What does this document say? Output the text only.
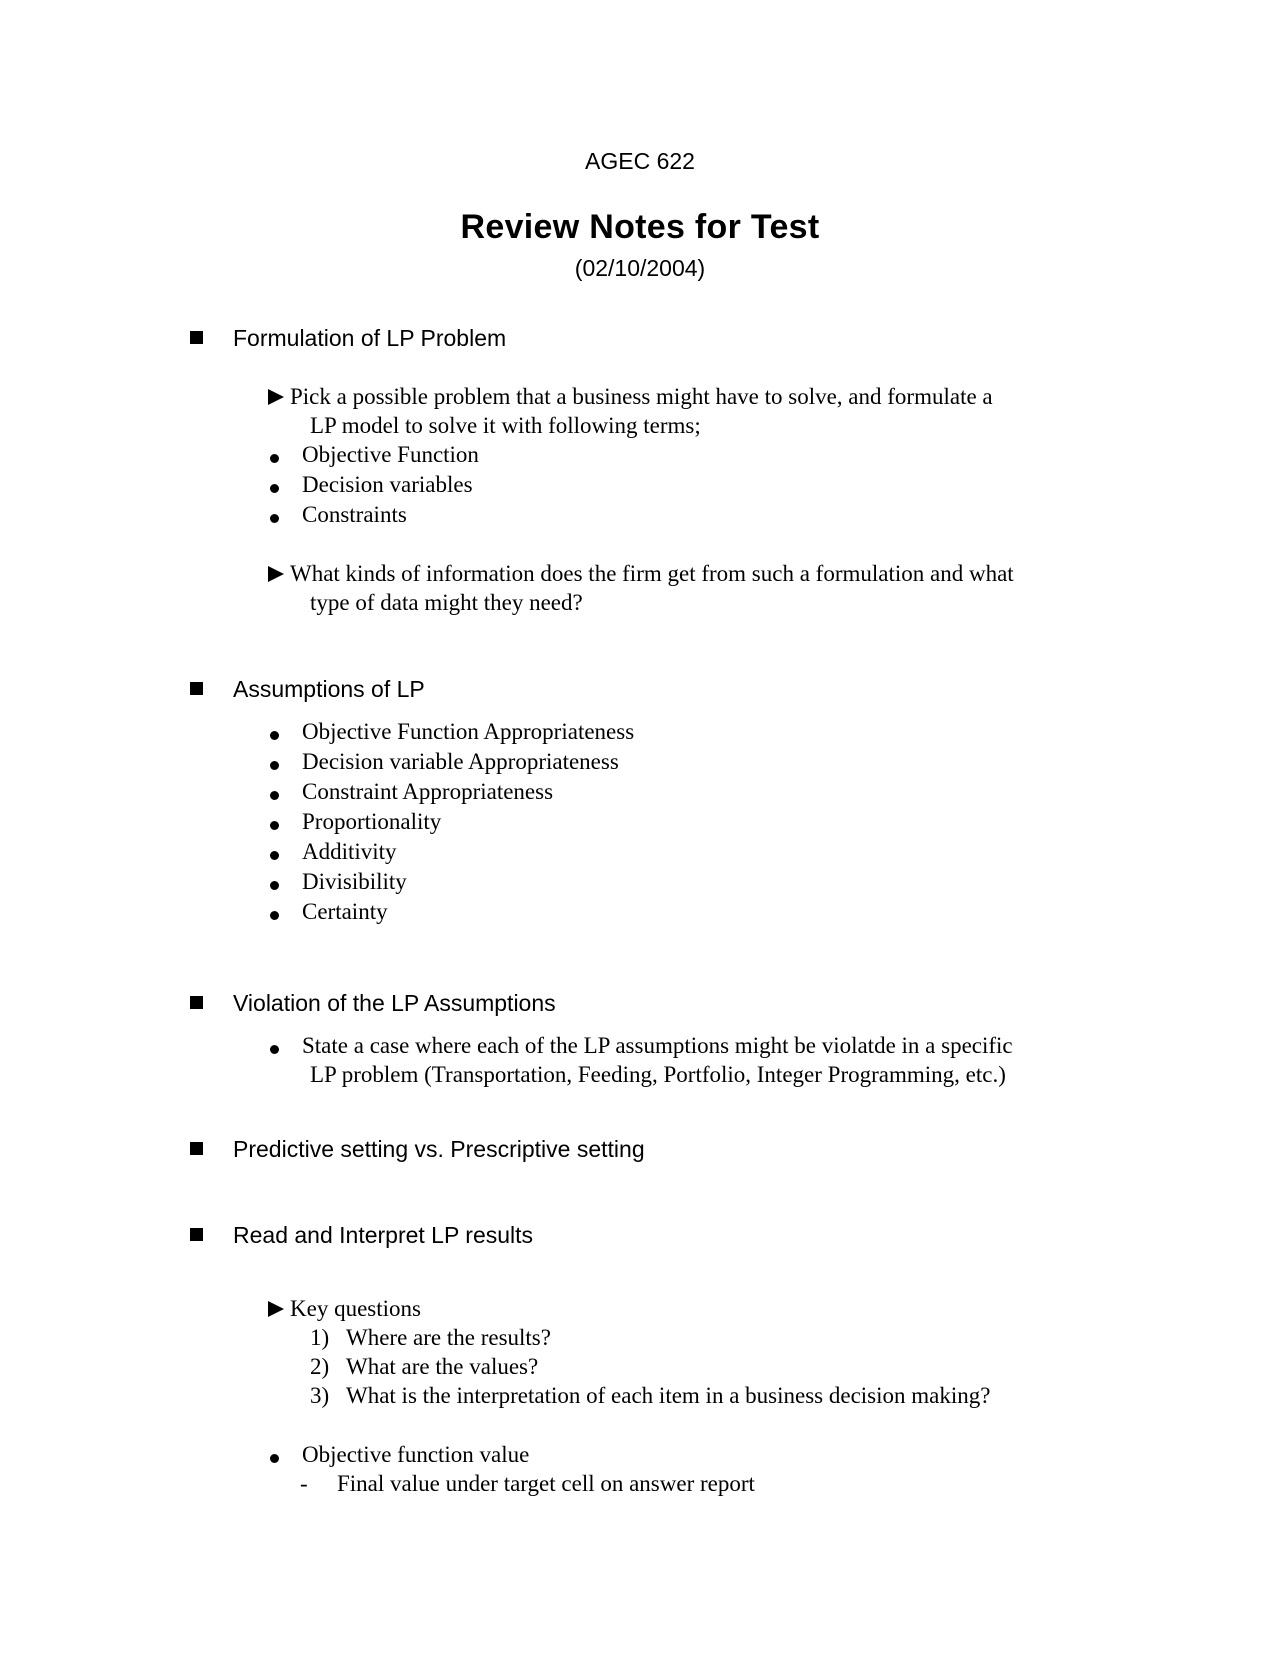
AGEC 622
Review Notes for Test
(02/10/2004)
Formulation of LP Problem
Pick a possible problem that a business might have to solve, and formulate a
LP model to solve it with following terms;
Objective Function
Decision variables
Constraints
What kinds of information does the firm get from such a formulation and what
type of data might they need?
Assumptions of LP
Objective Function Appropriateness
Decision variable Appropriateness
Constraint Appropriateness
Proportionality
Additivity
Divisibility
Certainty
Violation of the LP Assumptions
State a case where each of the LP assumptions might be violatde in a specific
LP problem (Transportation, Feeding, Portfolio, Integer Programming, etc.)
Predictive setting vs. Prescriptive setting
Read and Interpret LP results
Key questions
1) Where are the results?
2) What are the values?
3) What is the interpretation of each item in a business decision making?
Objective function value
- Final value under target cell on answer report
